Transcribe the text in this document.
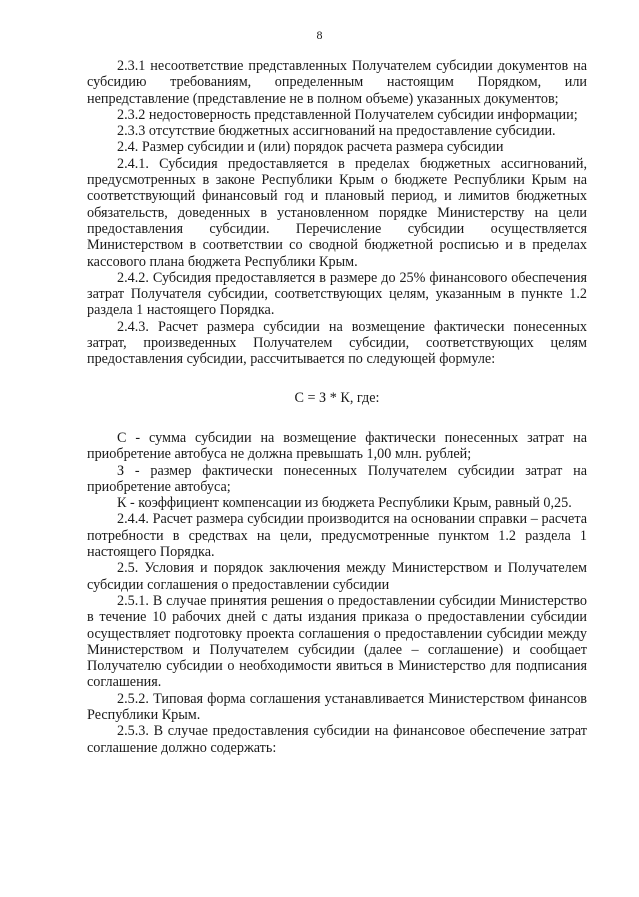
8

2.3.1 несоответствие представленных Получателем субсидии документов на субсидию требованиям, определенным настоящим Порядком, или непредставление (представление не в полном объеме) указанных документов;

2.3.2 недостоверность представленной Получателем субсидии информации;

2.3.3 отсутствие бюджетных ассигнований на предоставление субсидии.

2.4. Размер субсидии и (или) порядок расчета размера субсидии

2.4.1. Субсидия предоставляется в пределах бюджетных ассигнований, предусмотренных в законе Республики Крым о бюджете Республики Крым на соответствующий финансовый год и плановый период, и лимитов бюджетных обязательств, доведенных в установленном порядке Министерству на цели предоставления субсидии. Перечисление субсидии осуществляется Министерством в соответствии со сводной бюджетной росписью и в пределах кассового плана бюджета Республики Крым.

2.4.2. Субсидия предоставляется в размере до 25% финансового обеспечения затрат Получателя субсидии, соответствующих целям, указанным в пункте 1.2 раздела 1 настоящего Порядка.

2.4.3. Расчет размера субсидии на возмещение фактически понесенных затрат, произведенных Получателем субсидии, соответствующих целям предоставления субсидии, рассчитывается по следующей формуле:

С = З * К, где:

С - сумма субсидии на возмещение фактически понесенных затрат на приобретение автобуса не должна превышать 1,00 млн. рублей;

З - размер фактически понесенных Получателем субсидии затрат на приобретение автобуса;

К - коэффициент компенсации из бюджета Республики Крым, равный 0,25.

2.4.4. Расчет размера субсидии производится на основании справки – расчета потребности в средствах на цели, предусмотренные пунктом 1.2 раздела 1 настоящего Порядка.

2.5. Условия и порядок заключения между Министерством и Получателем субсидии соглашения о предоставлении субсидии

2.5.1. В случае принятия решения о предоставлении субсидии Министерство в течение 10 рабочих дней с даты издания приказа о предоставлении субсидии осуществляет подготовку проекта соглашения о предоставлении субсидии между Министерством и Получателем субсидии (далее – соглашение) и сообщает Получателю субсидии о необходимости явиться в Министерство для подписания соглашения.

2.5.2. Типовая форма соглашения устанавливается Министерством финансов Республики Крым.

2.5.3. В случае предоставления субсидии на финансовое обеспечение затрат соглашение должно содержать:
